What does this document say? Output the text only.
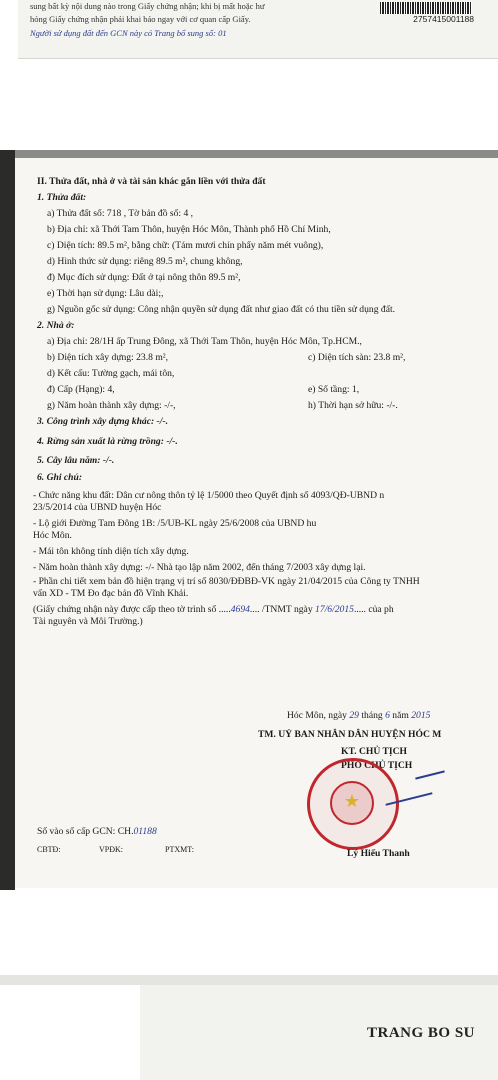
sung bất kỳ nội dung nào trong Giấy chứng nhận; khi bị mất hoặc hư
hỏng Giấy chứng nhận phải khai báo ngay với cơ quan cấp Giấy.
Người sử dụng đất đến GCN này có Trang bổ sung số: 01
2757415001188
II. Thửa đất, nhà ở và tài sản khác gắn liền với thửa đất
1. Thửa đất:
a) Thửa đất số: 718 , Tờ bản đồ số: 4 ,
b) Địa chỉ: xã Thới Tam Thôn, huyện Hóc Môn, Thành phố Hồ Chí Minh,
c) Diện tích: 89.5 m², bằng chữ: (Tám mươi chín phẩy năm mét vuông),
d) Hình thức sử dụng: riêng 89.5 m², chung không,
đ) Mục đích sử dụng: Đất ở tại nông thôn 89.5 m²,
e) Thời hạn sử dụng: Lâu dài;,
g) Nguồn gốc sử dụng: Công nhận quyền sử dụng đất như giao đất có thu tiền sử dụng đất.
2. Nhà ở:
a) Địa chỉ: 28/1H ấp Trung Đông, xã Thới Tam Thôn, huyện Hóc Môn, Tp.HCM.,
b) Diện tích xây dựng: 23.8 m²,	c) Diện tích sàn: 23.8 m²,
d) Kết cấu: Tường gạch, mái tôn,
đ) Cấp (Hạng): 4,	e) Số tầng: 1,
g) Năm hoàn thành xây dựng: -/-,	h) Thời hạn sở hữu: -/-.
3. Công trình xây dựng khác: -/-.
4. Rừng sản xuất là rừng trồng: -/-.
5. Cây lâu năm: -/-.
6. Ghi chú:
- Chức năng khu đất: Dân cư nông thôn tỷ lệ 1/5000 theo Quyết định số 4093/QĐ-UBND n
23/5/2014 của UBND huyện Hóc
- Lộ giới Đường Tam Đông 1B: /5/UB-KL ngày 25/6/2008 của UBND hu
Hóc Môn.
- Mái tôn không tính diện tích xây dựng.
- Năm hoàn thành xây dựng: -/- Nhà tạo lập năm 2002, đến tháng 7/2003 xây dựng lại.
- Phần chi tiết xem bản đồ hiện trạng vị trí số 8030/ĐĐBĐ-VK ngày 21/04/2015 của Công ty TNHH
vấn XD - TM Đo đạc bản đồ Vĩnh Khải.
(Giấy chứng nhận này được cấp theo tờ trình số .....4694.... /TNMT ngày 17/6/2015..... của ph
Tài nguyên và Môi Trường.)
Hóc Môn, ngày 29 tháng 6 năm 2015
TM. UỶ BAN NHÂN DÂN HUYỆN HÓC M
KT. CHỦ TỊCH
PHÓ CHỦ TỊCH
★
Lý Hiếu Thanh
Số vào sổ cấp GCN: CH.01188
CBTĐ:	VPĐK:	PTXMT:
TRANG BO SU
